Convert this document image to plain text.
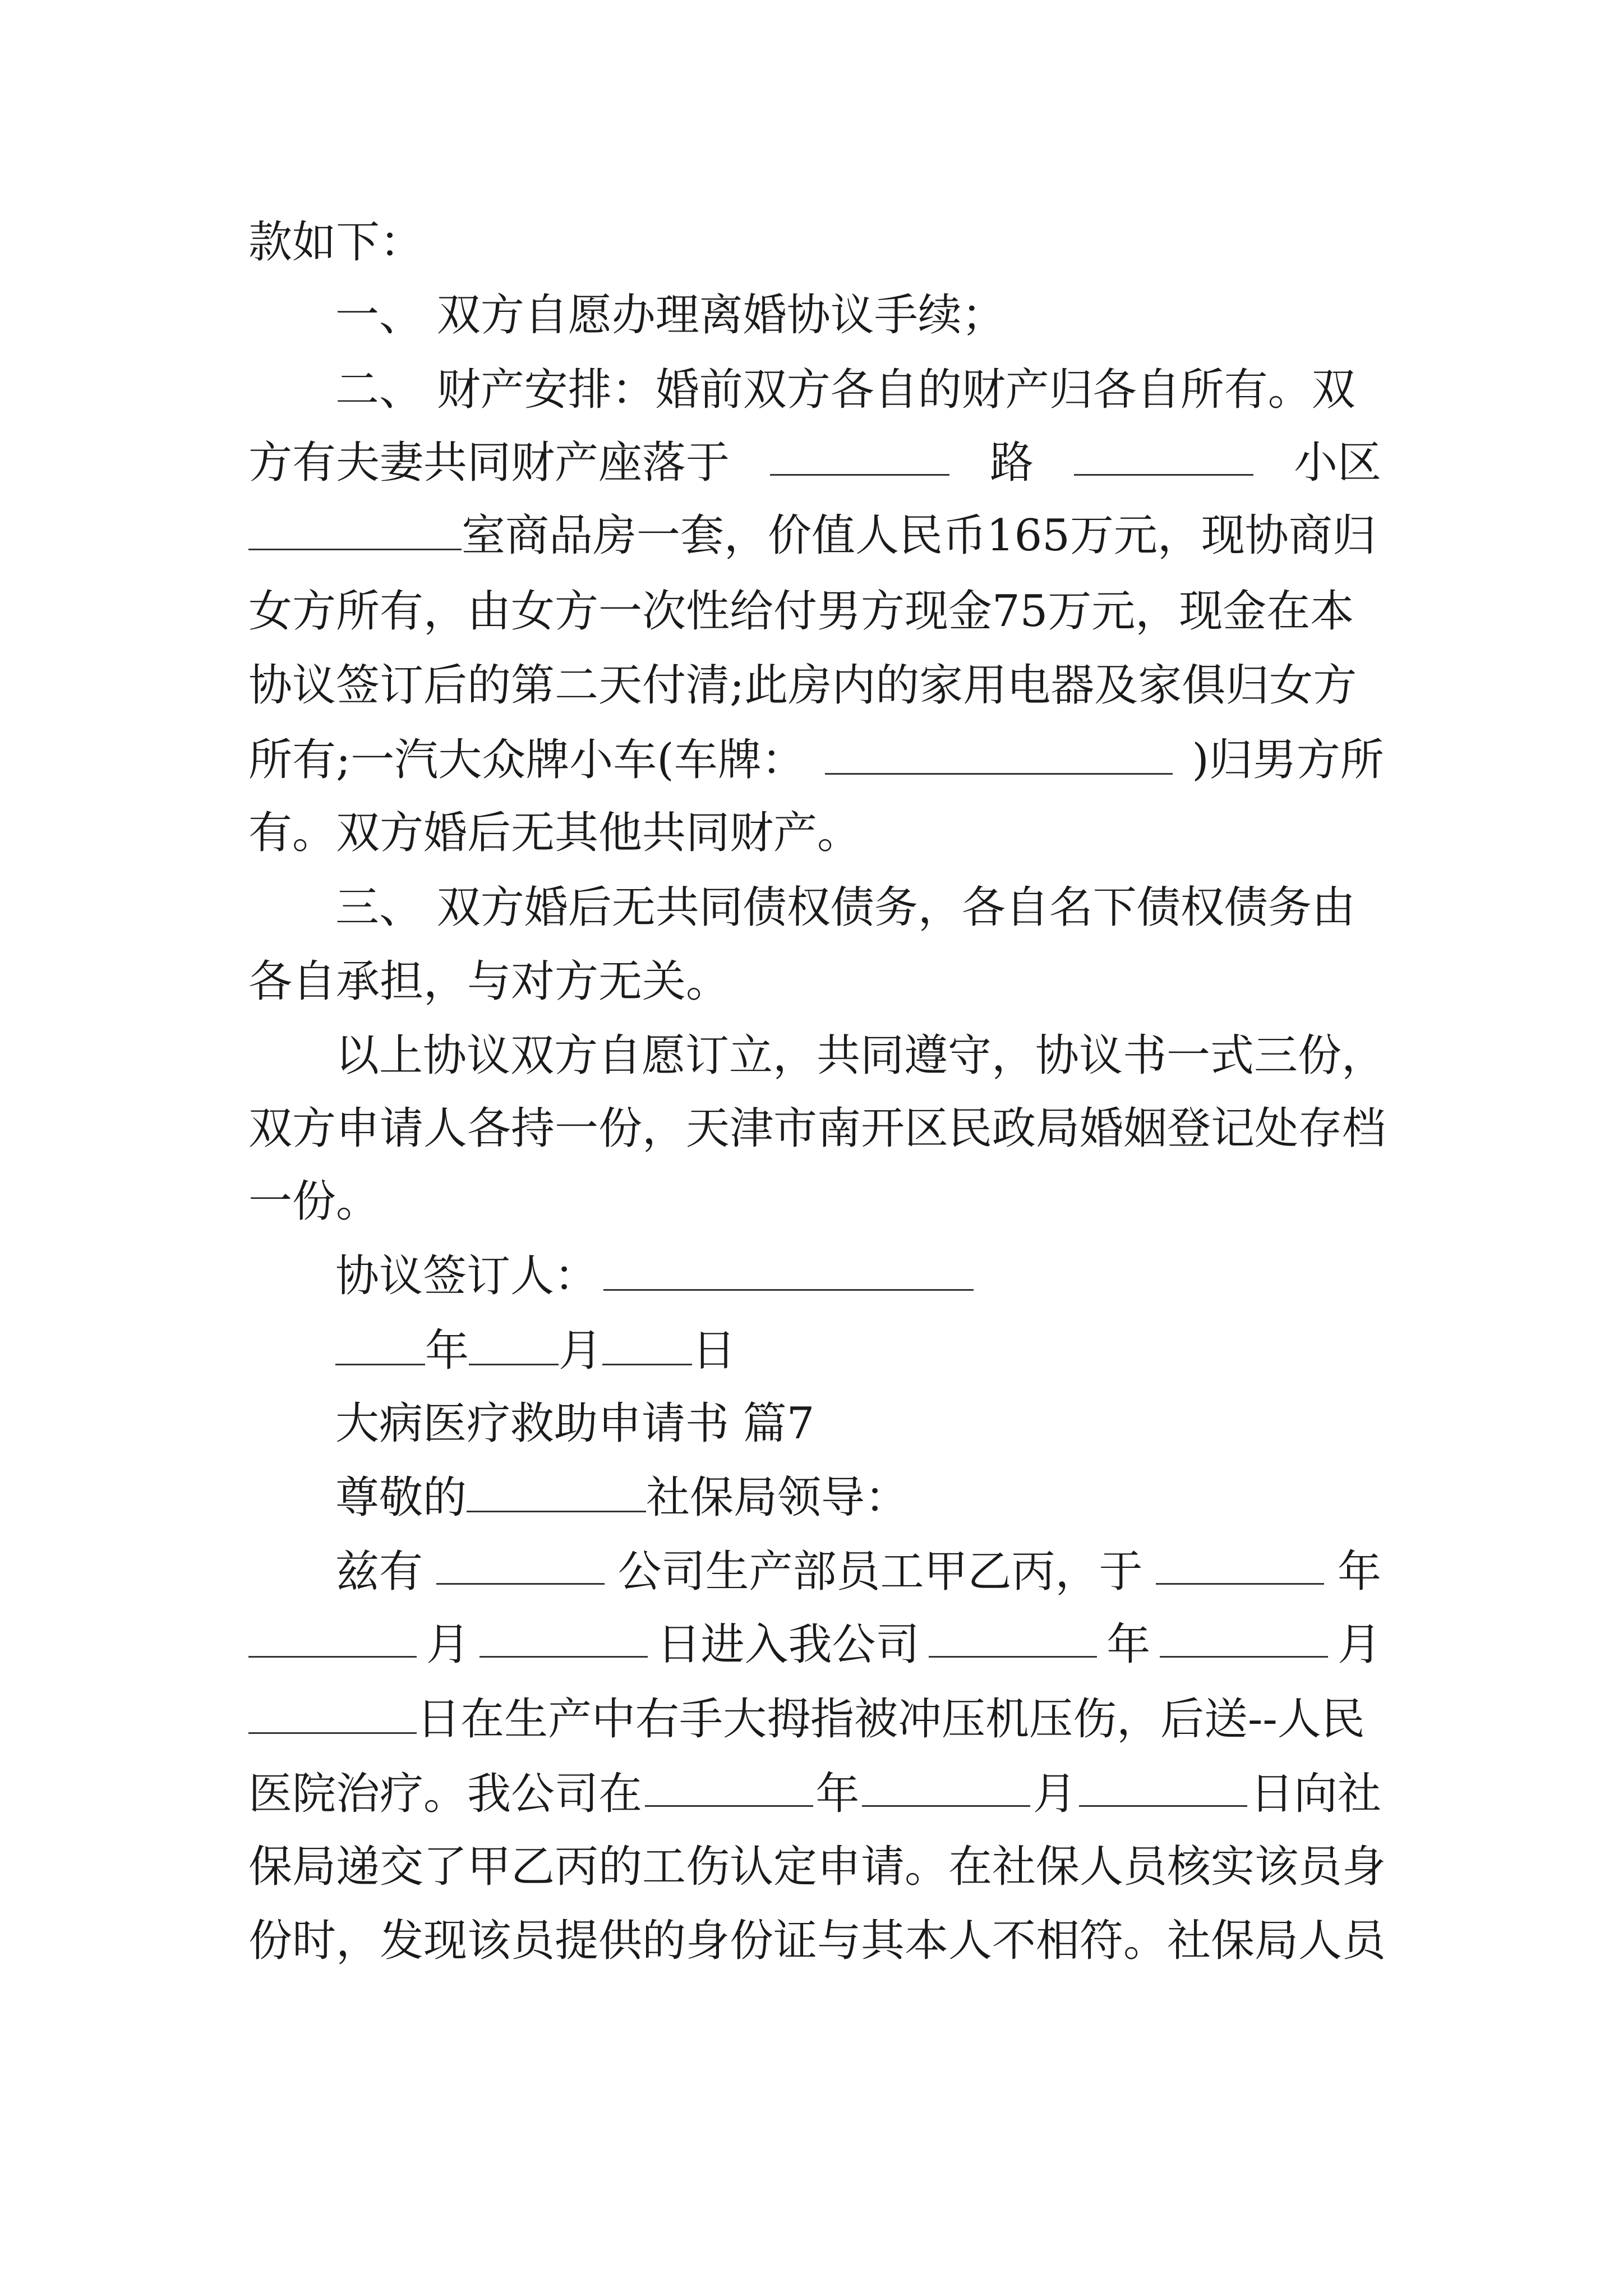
款如下：
一、 双方自愿办理离婚协议手续；
二、 财产安排：婚前双方各自的财产归各自所有。双
方有夫妻共同财产座落于	路	小区
室商品房一套，价值人民币165万元，现协商归
女方所有，由女方一次性给付男方现金75万元，现金在本
协议签订后的第二天付清;此房内的家用电器及家俱归女方
所有;一汽大众牌小车(车牌：	)归男方所
有。双方婚后无其他共同财产。
三、 双方婚后无共同债权债务，各自名下债权债务由
各自承担，与对方无关。
以上协议双方自愿订立，共同遵守，协议书一式三份，
双方申请人各持一份，天津市南开区民政局婚姻登记处存档
一份。
协议签订人：
年 月 日
大病医疗救助申请书 篇7
尊敬的	社保局领导：
兹有	公司生产部员工甲乙丙，于	年
月	日进入我公司	年	月
日在生产中右手大拇指被冲压机压伤，后送--人民
医院治疗。我公司在	年	月	日向社
保局递交了甲乙丙的工伤认定申请。在社保人员核实该员身
份时，发现该员提供的身份证与其本人不相符。社保局人员
